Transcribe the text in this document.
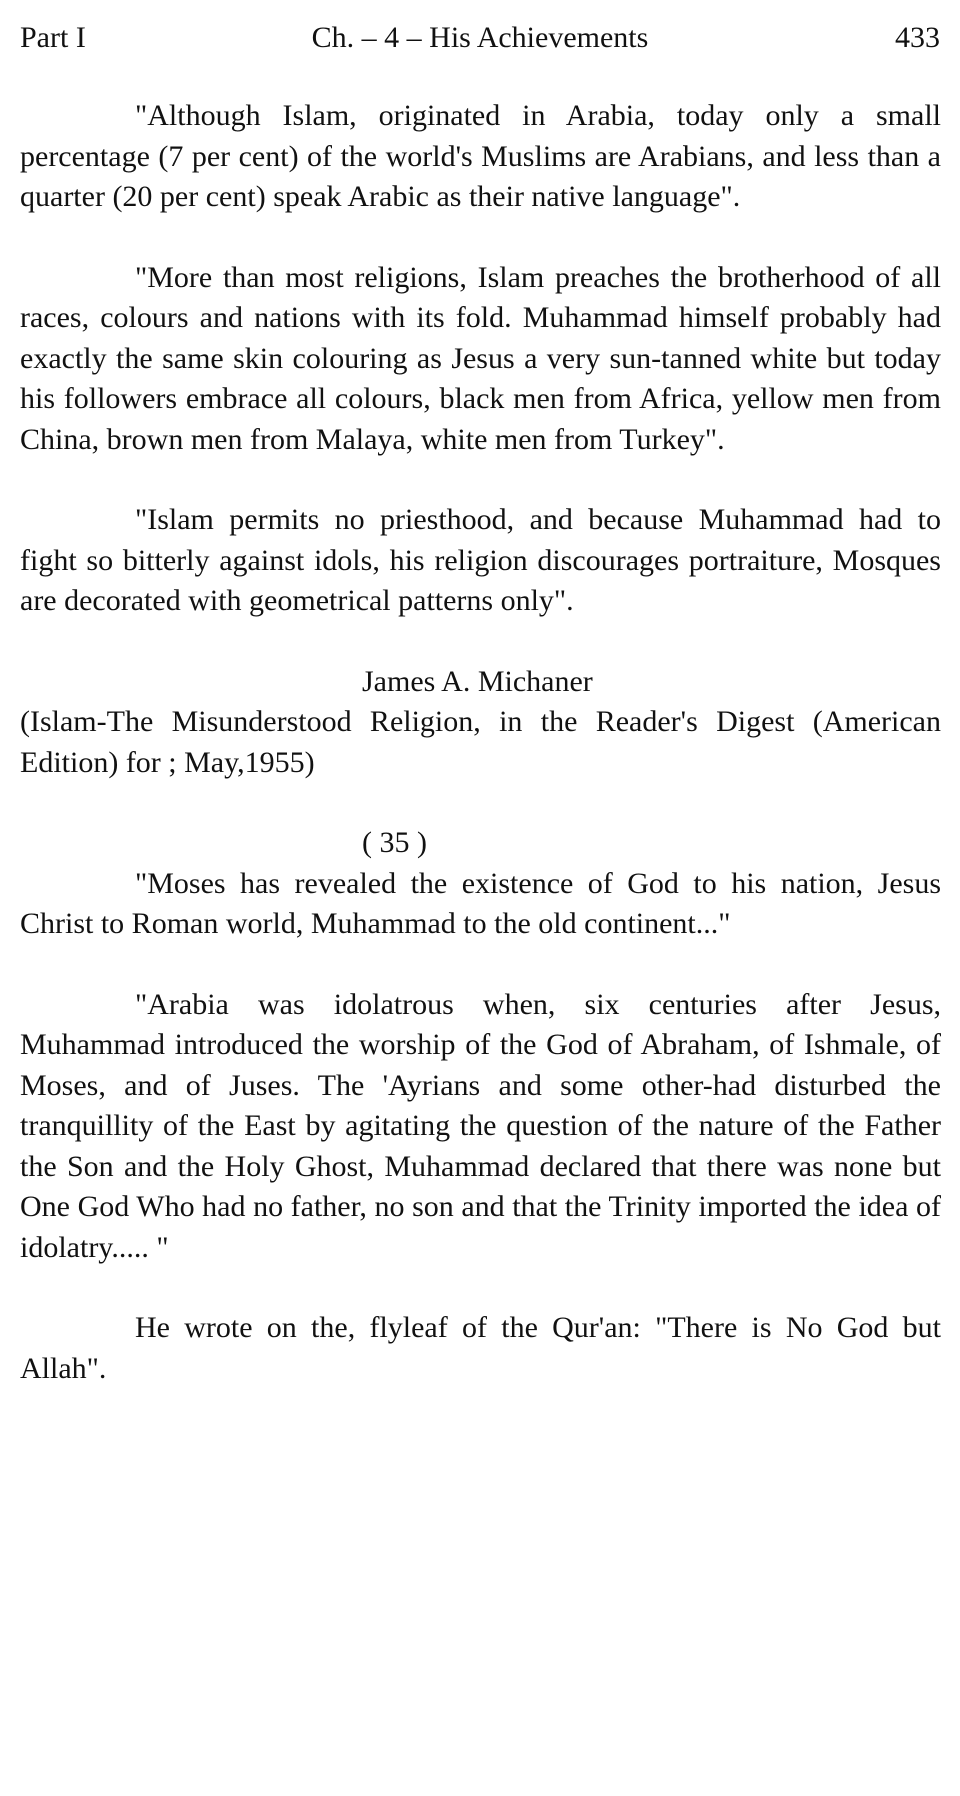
Part I	Ch. – 4 – His Achievements	433

"Although Islam, originated in Arabia, today only a small percentage (7 per cent) of the world's Muslims are Arabians, and less than a quarter (20 per cent) speak Arabic as their native language".

"More than most religions, Islam preaches the brotherhood of all races, colours and nations with its fold. Muhammad himself probably had exactly the same skin colouring as Jesus a very sun-tanned white but today his followers embrace all colours, black men from Africa, yellow men from China, brown men from Malaya, white men from Turkey".

"Islam permits no priesthood, and because Muhammad had to fight so bitterly against idols, his religion discourages portraiture, Mosques are decorated with geometrical patterns only".

James A. Michaner

(Islam-The Misunderstood Religion, in the Reader's Digest (American Edition) for ; May,1955)

( 35 )

"Moses has revealed the existence of God to his nation, Jesus Christ to Roman world, Muhammad to the old continent..."

"Arabia was idolatrous when, six centuries after Jesus, Muhammad introduced the worship of the God of Abraham, of Ishmale, of Moses, and of Juses. The 'Ayrians and some other-had disturbed the tranquillity of the East by agitating the question of the nature of the Father the Son and the Holy Ghost, Muhammad declared that there was none but One God Who had no father, no son and that the Trinity imported the idea of idolatry..... "

He wrote on the, flyleaf of the Qur'an: "There is No God but Allah".
